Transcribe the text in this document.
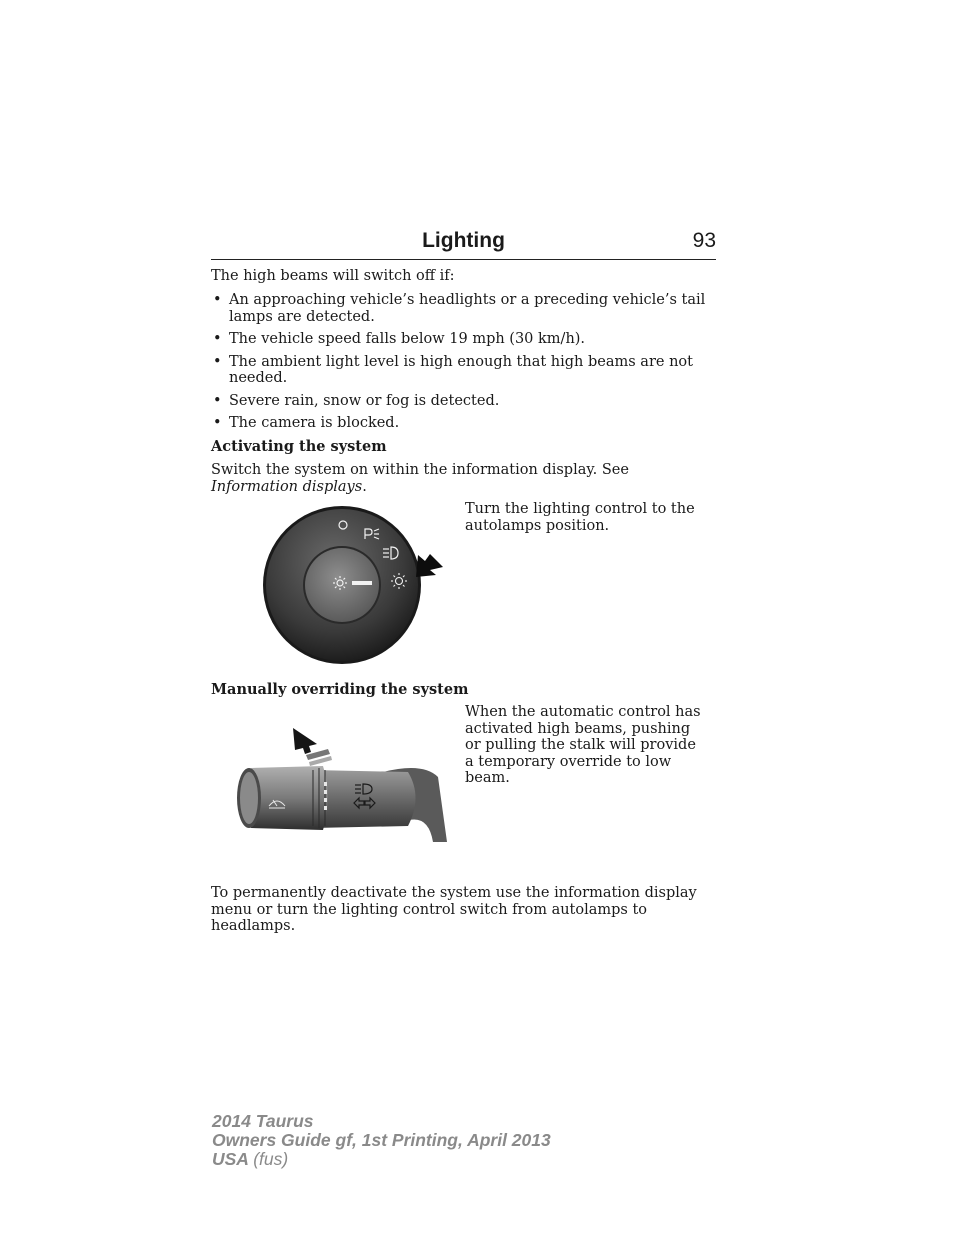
Lighting	93
The high beams will switch off if:
• An approaching vehicle’s headlights or a preceding vehicle’s tail lamps are detected.
• The vehicle speed falls below 19 mph (30 km/h).
• The ambient light level is high enough that high beams are not needed.
• Severe rain, snow or fog is detected.
• The camera is blocked.
Activating the system
Switch the system on within the information display. See Information displays.
Turn the lighting control to the autolamps position.
Manually overriding the system
When the automatic control has activated high beams, pushing or pulling the stalk will provide a temporary override to low beam.
To permanently deactivate the system use the information display menu or turn the lighting control switch from autolamps to headlamps.
2014 Taurus
Owners Guide gf, 1st Printing, April 2013
USA (fus)
